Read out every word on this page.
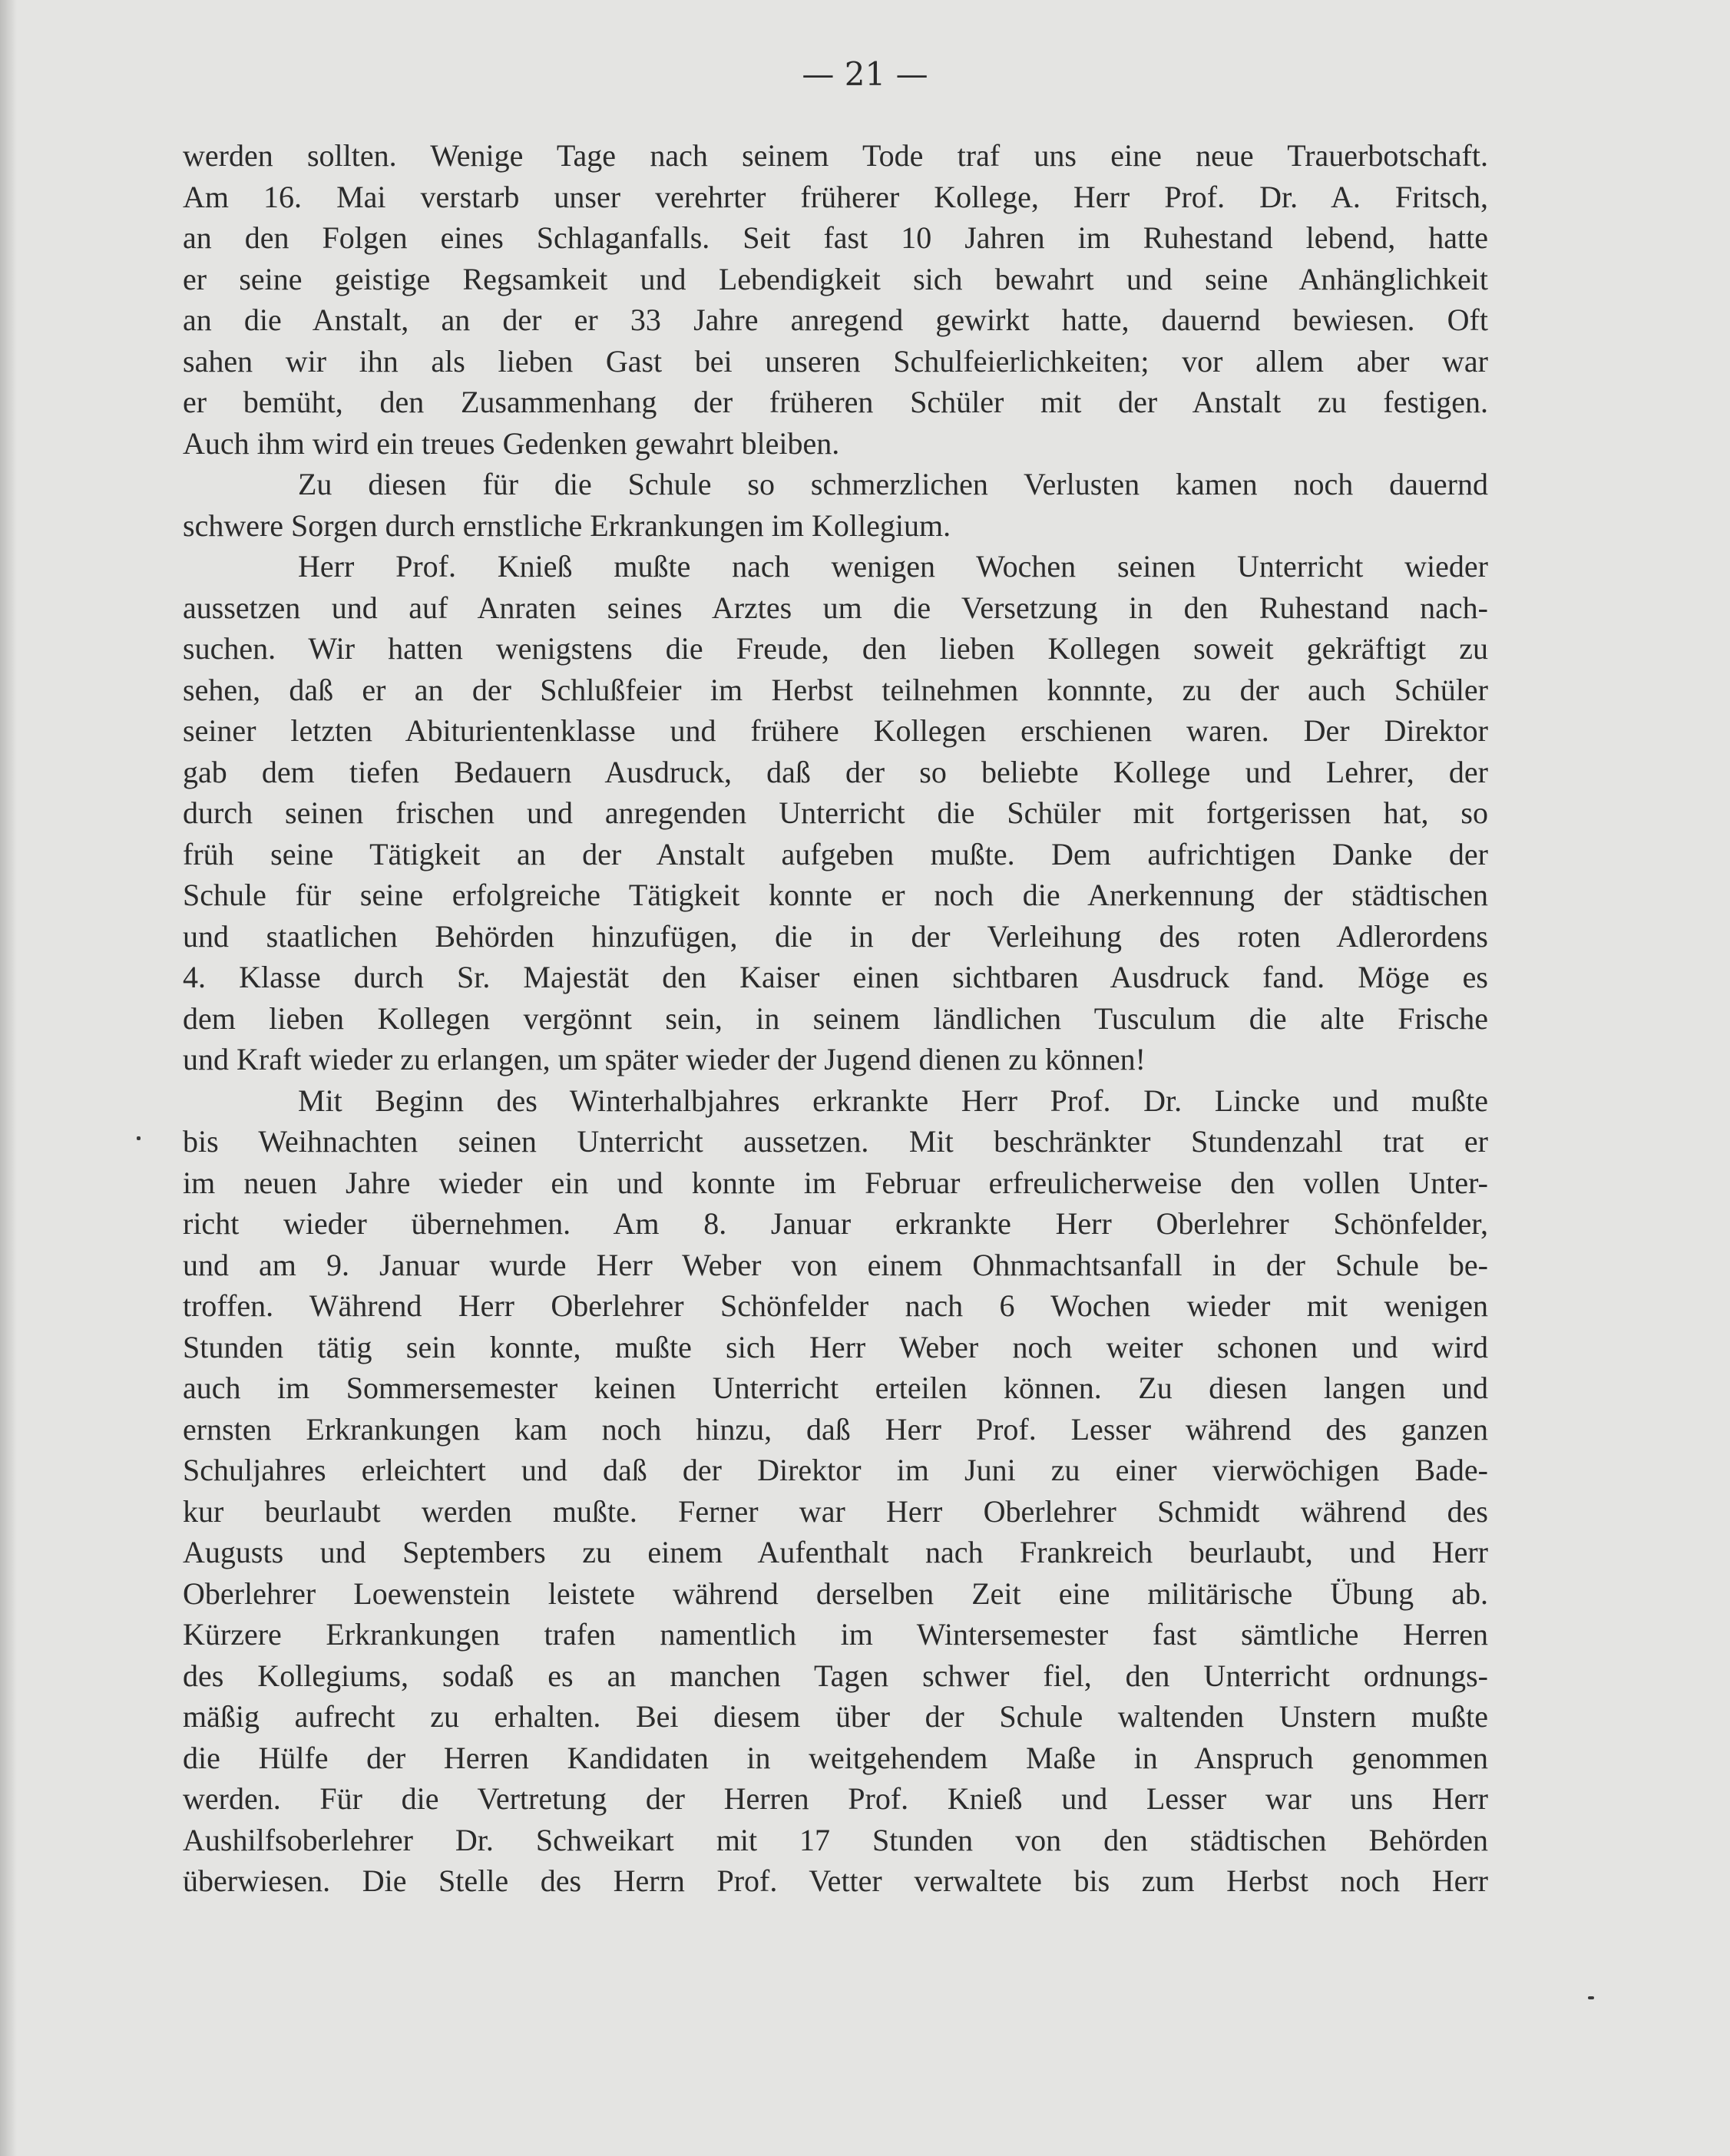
— 21 —
werden sollten. Wenige Tage nach seinem Tode traf uns eine neue Trauerbotschaft.
Am 16. Mai verstarb unser verehrter früherer Kollege, Herr Prof. Dr. A. Fritsch,
an den Folgen eines Schlaganfalls. Seit fast 10 Jahren im Ruhestand lebend, hatte
er seine geistige Regsamkeit und Lebendigkeit sich bewahrt und seine Anhänglichkeit
an die Anstalt, an der er 33 Jahre anregend gewirkt hatte, dauernd bewiesen. Oft
sahen wir ihn als lieben Gast bei unseren Schulfeierlichkeiten; vor allem aber war
er bemüht, den Zusammenhang der früheren Schüler mit der Anstalt zu festigen.
Auch ihm wird ein treues Gedenken gewahrt bleiben.
Zu diesen für die Schule so schmerzlichen Verlusten kamen noch dauernd
schwere Sorgen durch ernstliche Erkrankungen im Kollegium.
Herr Prof. Knieß mußte nach wenigen Wochen seinen Unterricht wieder
aussetzen und auf Anraten seines Arztes um die Versetzung in den Ruhestand nach-
suchen. Wir hatten wenigstens die Freude, den lieben Kollegen soweit gekräftigt zu
sehen, daß er an der Schlußfeier im Herbst teilnehmen konnnte, zu der auch Schüler
seiner letzten Abiturientenklasse und frühere Kollegen erschienen waren. Der Direktor
gab dem tiefen Bedauern Ausdruck, daß der so beliebte Kollege und Lehrer, der
durch seinen frischen und anregenden Unterricht die Schüler mit fortgerissen hat, so
früh seine Tätigkeit an der Anstalt aufgeben mußte. Dem aufrichtigen Danke der
Schule für seine erfolgreiche Tätigkeit konnte er noch die Anerkennung der städtischen
und staatlichen Behörden hinzufügen, die in der Verleihung des roten Adlerordens
4. Klasse durch Sr. Majestät den Kaiser einen sichtbaren Ausdruck fand. Möge es
dem lieben Kollegen vergönnt sein, in seinem ländlichen Tusculum die alte Frische
und Kraft wieder zu erlangen, um später wieder der Jugend dienen zu können!
Mit Beginn des Winterhalbjahres erkrankte Herr Prof. Dr. Lincke und mußte
bis Weihnachten seinen Unterricht aussetzen. Mit beschränkter Stundenzahl trat er
im neuen Jahre wieder ein und konnte im Februar erfreulicherweise den vollen Unter-
richt wieder übernehmen. Am 8. Januar erkrankte Herr Oberlehrer Schönfelder,
und am 9. Januar wurde Herr Weber von einem Ohnmachtsanfall in der Schule be-
troffen. Während Herr Oberlehrer Schönfelder nach 6 Wochen wieder mit wenigen
Stunden tätig sein konnte, mußte sich Herr Weber noch weiter schonen und wird
auch im Sommersemester keinen Unterricht erteilen können. Zu diesen langen und
ernsten Erkrankungen kam noch hinzu, daß Herr Prof. Lesser während des ganzen
Schuljahres erleichtert und daß der Direktor im Juni zu einer vierwöchigen Bade-
kur beurlaubt werden mußte. Ferner war Herr Oberlehrer Schmidt während des
Augusts und Septembers zu einem Aufenthalt nach Frankreich beurlaubt, und Herr
Oberlehrer Loewenstein leistete während derselben Zeit eine militärische Übung ab.
Kürzere Erkrankungen trafen namentlich im Wintersemester fast sämtliche Herren
des Kollegiums, sodaß es an manchen Tagen schwer fiel, den Unterricht ordnungs-
mäßig aufrecht zu erhalten. Bei diesem über der Schule waltenden Unstern mußte
die Hülfe der Herren Kandidaten in weitgehendem Maße in Anspruch genommen
werden. Für die Vertretung der Herren Prof. Knieß und Lesser war uns Herr
Aushilfsoberlehrer Dr. Schweikart mit 17 Stunden von den städtischen Behörden
überwiesen. Die Stelle des Herrn Prof. Vetter verwaltete bis zum Herbst noch Herr
